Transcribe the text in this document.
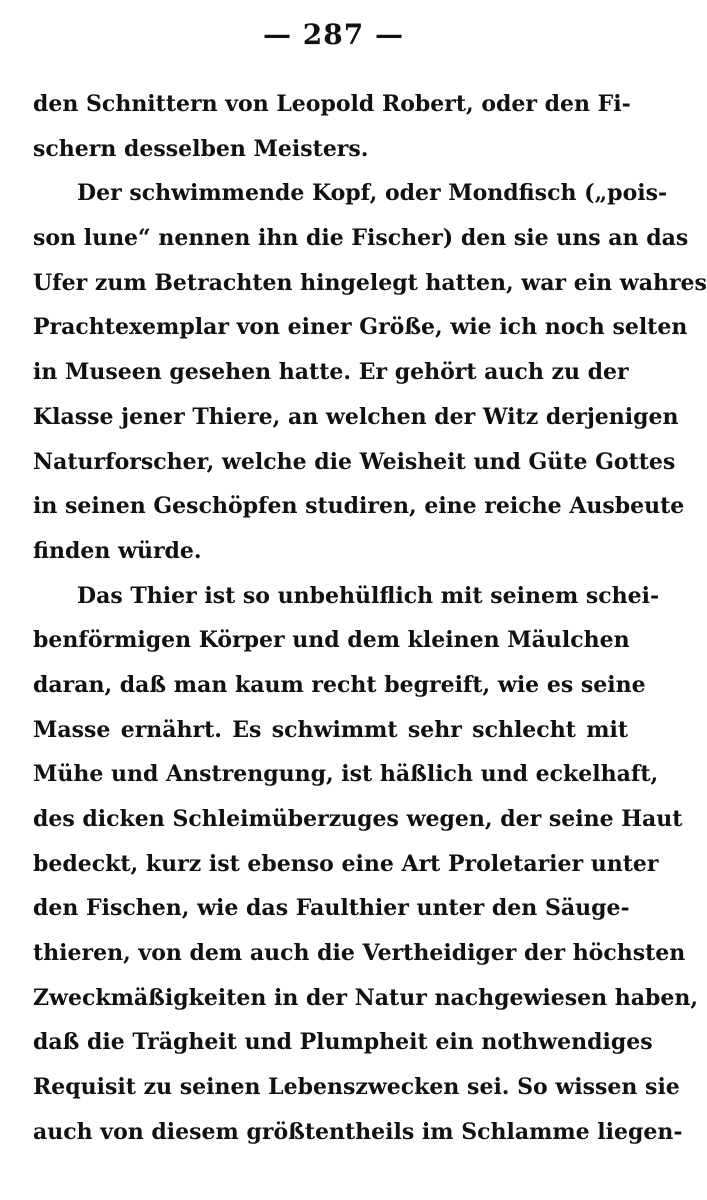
— 287 —
den Schnittern von Leopold Robert, oder den Fi-
schern desselben Meisters.
Der schwimmende Kopf, oder Mondfisch („pois-
son lune“ nennen ihn die Fischer) den sie uns an das
Ufer zum Betrachten hingelegt hatten, war ein wahres
Prachtexemplar von einer Größe, wie ich noch selten
in Museen gesehen hatte. Er gehört auch zu der
Klasse jener Thiere, an welchen der Witz derjenigen
Naturforscher, welche die Weisheit und Güte Gottes
in seinen Geschöpfen studiren, eine reiche Ausbeute
finden würde.
Das Thier ist so unbehülflich mit seinem schei-
benförmigen Körper und dem kleinen Mäulchen
daran, daß man kaum recht begreift, wie es seine
Masse ernährt. Es schwimmt sehr schlecht mit
Mühe und Anstrengung, ist häßlich und eckelhaft,
des dicken Schleimüberzuges wegen, der seine Haut
bedeckt, kurz ist ebenso eine Art Proletarier unter
den Fischen, wie das Faulthier unter den Säuge-
thieren, von dem auch die Vertheidiger der höchsten
Zweckmäßigkeiten in der Natur nachgewiesen haben,
daß die Trägheit und Plumpheit ein nothwendiges
Requisit zu seinen Lebenszwecken sei. So wissen sie
auch von diesem größtentheils im Schlamme liegen-
